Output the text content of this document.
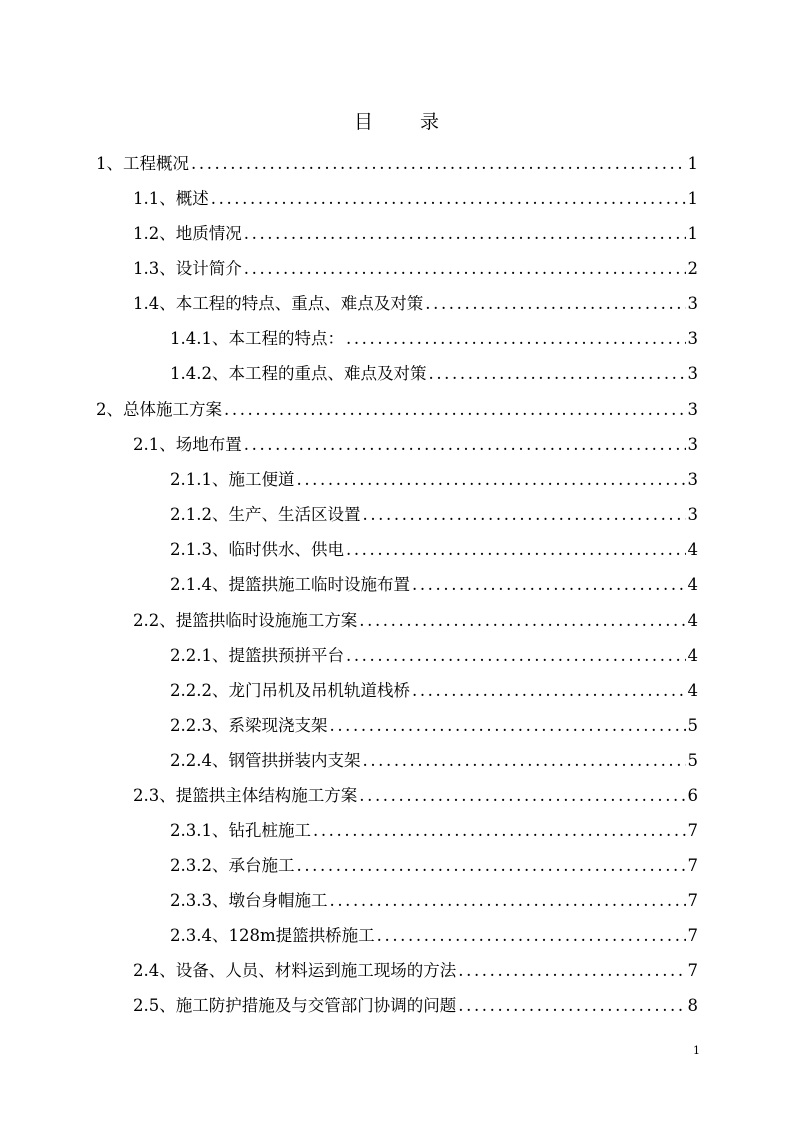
目 录
1、工程概况 .....	1
1.1、概述 .....	1
1.2、地质情况 .....	1
1.3、设计简介 .....	2
1.4、本工程的特点、重点、难点及对策 .....	3
1.4.1、本工程的特点： .....	3
1.4.2、本工程的重点、难点及对策 .....	3
2、总体施工方案 .....	3
2.1、场地布置 .....	3
2.1.1、施工便道 .....	3
2.1.2、生产、生活区设置 .....	3
2.1.3、临时供水、供电 .....	4
2.1.4、提篮拱施工临时设施布置 .....	4
2.2、提篮拱临时设施施工方案 .....	4
2.2.1、提篮拱预拼平台 .....	4
2.2.2、龙门吊机及吊机轨道栈桥 .....	4
2.2.3、系梁现浇支架 .....	5
2.2.4、钢管拱拼装内支架 .....	5
2.3、提篮拱主体结构施工方案 .....	6
2.3.1、钻孔桩施工 .....	7
2.3.2、承台施工 .....	7
2.3.3、墩台身帽施工 .....	7
2.3.4、128m提篮拱桥施工 .....	7
2.4、设备、人员、材料运到施工现场的方法 .....	7
2.5、施工防护措施及与交管部门协调的问题 .....	8
1
